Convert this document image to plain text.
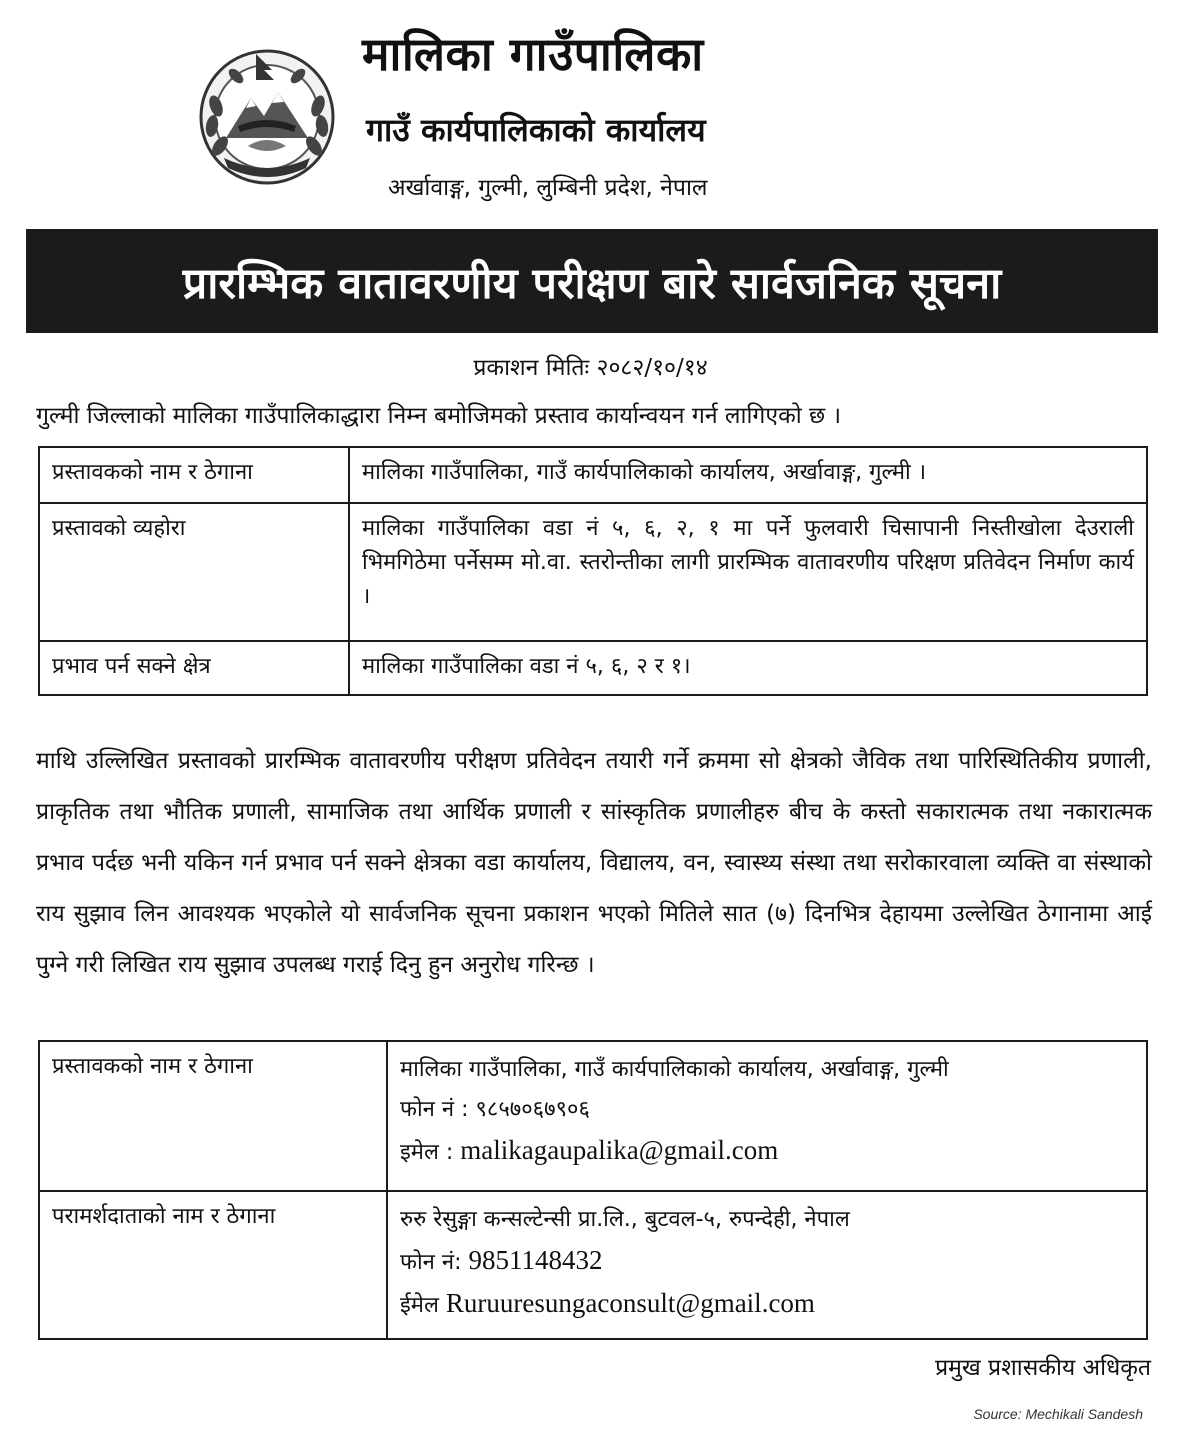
मालिका गाउँपालिका
गाउँ कार्यपालिकाको कार्यालय
अर्खावाङ्ग, गुल्मी, लुम्बिनी प्रदेश, नेपाल
प्रारम्भिक वातावरणीय परीक्षण बारे सार्वजनिक सूचना
प्रकाशन मितिः २०८२/१०/१४
गुल्मी जिल्लाको मालिका गाउँपालिकाद्धारा निम्न बमोजिमको प्रस्ताव कार्यान्वयन गर्न लागिएको छ ।
प्रस्तावकको नाम र ठेगाना	मालिका गाउँपालिका, गाउँ कार्यपालिकाको कार्यालय, अर्खावाङ्ग, गुल्मी ।
प्रस्तावको व्यहोरा	मालिका गाउँपालिका वडा नं ५, ६, २, १ मा पर्ने फुलवारी चिसापानी निस्तीखोला देउराली भिमगिठेमा पर्नेसम्म मो.वा. स्तरोन्तीका लागी प्रारम्भिक वातावरणीय परिक्षण प्रतिवेदन निर्माण कार्य ।
प्रभाव पर्न सक्ने क्षेत्र	मालिका गाउँपालिका वडा नं ५, ६, २ र १।
माथि उल्लिखित प्रस्तावको प्रारम्भिक वातावरणीय परीक्षण प्रतिवेदन तयारी गर्ने क्रममा सो क्षेत्रको जैविक तथा पारिस्थितिकीय प्रणाली, प्राकृतिक तथा भौतिक प्रणाली, सामाजिक तथा आर्थिक प्रणाली र सांस्कृतिक प्रणालीहरु बीच के कस्तो सकारात्मक तथा नकारात्मक प्रभाव पर्दछ भनी यकिन गर्न प्रभाव पर्न सक्ने क्षेत्रका वडा कार्यालय, विद्यालय, वन, स्वास्थ्य संस्था तथा सरोकारवाला व्यक्ति वा संस्थाको राय सुझाव लिन आवश्यक भएकोले यो सार्वजनिक सूचना प्रकाशन भएको मितिले सात (७) दिनभित्र देहायमा उल्लेखित ठेगानामा आई पुग्ने गरी लिखित राय सुझाव उपलब्ध गराई दिनु हुन अनुरोध गरिन्छ ।
प्रस्तावकको नाम र ठेगाना	मालिका गाउँपालिका, गाउँ कार्यपालिकाको कार्यालय, अर्खावाङ्ग, गुल्मी
फोन नं : ९८५७०६७९०६
इमेल : malikagaupalika@gmail.com

परामर्शदाताको नाम र ठेगाना	रुरु रेसुङ्गा कन्सल्टेन्सी प्रा.लि., बुटवल-५, रुपन्देही, नेपाल
फोन नं: 9851148432
ईमेल Ruruuresungaconsult@gmail.com
प्रमुख प्रशासकीय अधिकृत
Source: Mechikali Sandesh
